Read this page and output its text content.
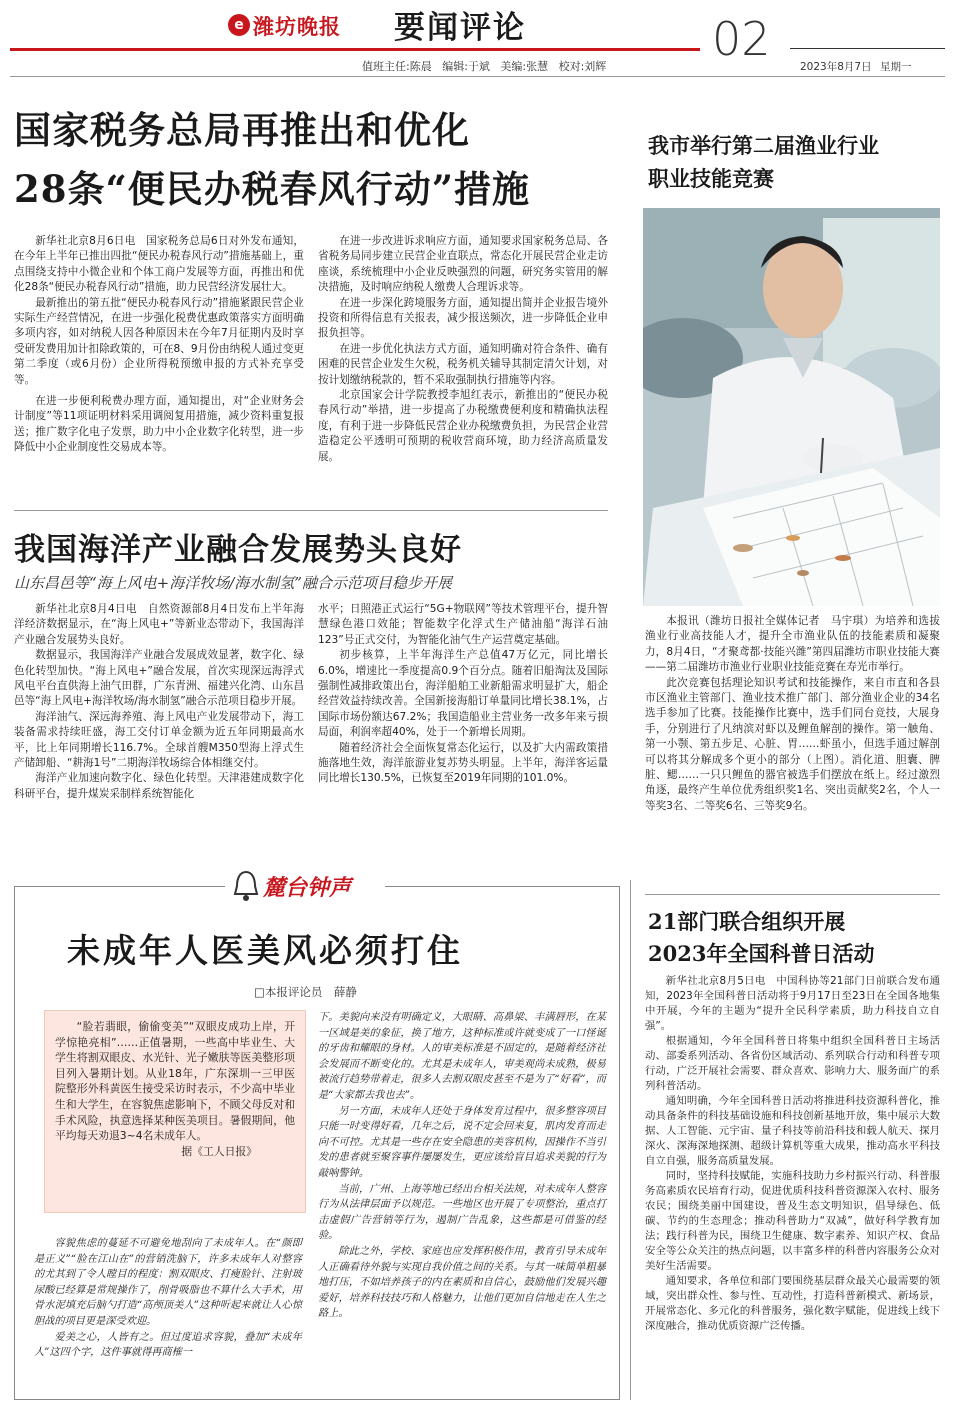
e 潍坊晚报 要闻评论	02
值班主任:陈晨   编辑:于斌   美编:张慧   校对:刘辉	2023年8月7日 星期一
国家税务总局再推出和优化
28条“便民办税春风行动”措施

新华社北京8月6日电　国家税务总局6日对外发布通知，在今年上半年已推出四批“便民办税春风行动”措施基础上，重点围绕支持中小微企业和个体工商户发展等方面，再推出和优化28条“便民办税春风行动”措施，助力民营经济发展壮大。

最新推出的第五批“便民办税春风行动”措施紧跟民营企业实际生产经营情况，在进一步强化税费优惠政策落实方面明确多项内容，如对纳税人因各种原因未在今年7月征期内及时享受研发费用加计扣除政策的，可在8、9月份由纳税人通过变更第二季度（或6月份）企业所得税预缴申报的方式补充享受等。

在进一步便利税费办理方面，通知提出，对“企业财务会计制度”等11项证明材料采用调阅复用措施，减少资料重复报送；推广数字化电子发票，助力中小企业数字化转型，进一步降低中小企业制度性交易成本等。

在进一步改进诉求响应方面，通知要求国家税务总局、各省税务局同步建立民营企业直联点，常态化开展民营企业走访座谈，系统梳理中小企业反映强烈的问题，研究务实管用的解决措施，及时响应纳税人缴费人合理诉求等。

在进一步深化跨境服务方面，通知提出简并企业报告境外投资和所得信息有关报表，减少报送频次，进一步降低企业申报负担等。

在进一步优化执法方式方面，通知明确对符合条件、确有困难的民营企业发生欠税，税务机关辅导其制定清欠计划，对按计划缴纳税款的，暂不采取强制执行措施等内容。

北京国家会计学院教授李旭红表示，新推出的“便民办税春风行动”举措，进一步提高了办税缴费便利度和精确执法程度，有利于进一步降低民营企业办税缴费负担，为民营企业营造稳定公平透明可预期的税收营商环境，助力经济高质量发展。

我国海洋产业融合发展势头良好
山东昌邑等“海上风电+海洋牧场/海水制氢”融合示范项目稳步开展

新华社北京8月4日电　自然资源部8月4日发布上半年海洋经济数据显示，在“海上风电+”等新业态带动下，我国海洋产业融合发展势头良好。

数据显示，我国海洋产业融合发展成效显著，数字化、绿色化转型加快。“海上风电+”融合发展，首次实现深远海浮式风电平台直供海上油气田群，广东青洲、福建兴化湾、山东昌邑等“海上风电+海洋牧场/海水制氢”融合示范项目稳步开展。

海洋油气、深远海养殖、海上风电产业发展带动下，海工装备需求持续旺盛，海工交付订单金额为近五年同期最高水平，比上年同期增长116.7%。全球首艘M350型海上浮式生产储卸船、“耕海1号”二期海洋牧场综合体相继交付。

海洋产业加速向数字化、绿色化转型。天津港建成数字化科研平台，提升煤炭采制样系统智能化

水平；日照港正式运行“5G+物联网”等技术管理平台，提升智慧绿色港口效能；智能数字化浮式生产储油船“海洋石油123”号正式交付，为智能化油气生产运营奠定基础。

初步核算，上半年海洋生产总值47万亿元，同比增长6.0%，增速比一季度提高0.9个百分点。随着旧船淘汰及国际强制性减排政策出台，海洋船舶工业新船需求明显扩大，船企经营效益持续改善。全国新接海船订单量同比增长38.1%，占国际市场份额达67.2%；我国造船业主营业务一改多年来亏损局面，利润率超40%，处于一个新增长周期。

随着经济社会全面恢复常态化运行，以及扩大内需政策措施落地生效，海洋旅游业复苏势头明显。上半年，海洋客运量同比增长130.5%，已恢复至2019年同期的101.0%。

我市举行第二届渔业行业
职业技能竞赛

本报讯（潍坊日报社全媒体记者　马宇琪）为培养和选拔渔业行业高技能人才，提升全市渔业队伍的技能素质和凝聚力，8月4日，“才聚鸢都·技能兴潍”第四届潍坊市职业技能大赛——第二届潍坊市渔业行业职业技能竞赛在寿光市举行。

此次竞赛包括理论知识考试和技能操作，来自市直和各县市区渔业主管部门、渔业技术推广部门、部分渔业企业的34名选手参加了比赛。技能操作比赛中，选手们同台竞技，大展身手，分别进行了凡纳滨对虾以及鲤鱼解剖的操作。第一触角、第一小颚、第五步足、心脏、胃……虾虽小，但选手通过解剖可以将其分解成多个更小的部分（上图）。消化道、胆囊、脾脏、鳃……一只只鲤鱼的器官被选手们摆放在纸上。经过激烈角逐，最终产生单位优秀组织奖1名、突出贡献奖2名，个人一等奖3名、二等奖6名、三等奖9名。

21部门联合组织开展
2023年全国科普日活动

新华社北京8月5日电　中国科协等21部门日前联合发布通知，2023年全国科普日活动将于9月17日至23日在全国各地集中开展，今年的主题为“提升全民科学素质，助力科技自立自强”。

根据通知，今年全国科普日将集中组织全国科普日主场活动、部委系列活动、各省份区域活动、系列联合行动和科普专项行动，广泛开展社会需要、群众喜欢、影响力大、服务面广的系列科普活动。

通知明确，今年全国科普日活动将推进科技资源科普化，推动具备条件的科技基础设施和科技创新基地开放，集中展示大数据、人工智能、元宇宙、量子科技等前沿科技和载人航天、探月深火、深海深地探测、超级计算机等重大成果，推动高水平科技自立自强，服务高质量发展。

同时，坚持科技赋能，实施科技助力乡村振兴行动、科普服务高素质农民培育行动，促进优质科技科普资源深入农村、服务农民；围绕美丽中国建设，普及生态文明知识，倡导绿色、低碳、节约的生态理念；推动科普助力“双减”，做好科学教育加法；践行科普为民，围绕卫生健康、数字素养、知识产权、食品安全等公众关注的热点问题，以丰富多样的科普内容服务公众对美好生活需要。

通知要求，各单位和部门要围绕基层群众最关心最需要的领域，突出群众性、参与性、互动性，打造科普新模式、新场景，开展常态化、多元化的科普服务，强化数字赋能，促进线上线下深度融合，推动优质资源广泛传播。

麓台钟声
未成年人医美风必须打住
□本报评论员　薛静

“脸若翡眼，偷偷变美”“双眼皮成功上岸，开学惊艳亮相”……正值暑期，一些高中毕业生、大学生将割双眼皮、水光针、光子嫩肤等医美整形项目列入暑期计划。从业18年，广东深圳一三甲医院整形外科黄医生接受采访时表示，不少高中毕业生和大学生，在容貌焦虑影响下，不顾父母反对和手术风险，执意选择某种医美项目。暑假期间，他平均每天劝退3~4名未成年人。

据《工人日报》

容貌焦虑的蔓延不可避免地刮向了未成年人。在“颜即是正义”“脸在江山在”的营销洗脑下，许多未成年人对整容的尤其到了令人瞠目的程度：割双眼皮、打瘦脸针、注射玻尿酸已经算是常规操作了，削骨吸脂也不算什么大手术，用骨水泥填充后脑勺打造“高颅顶美人”这种听起来就让人心惊胆战的项目更是深受欢迎。

爱美之心，人皆有之。但过度追求容貌，叠加“未成年人”这四个字，这件事就得再商榷一

下。美貌向来没有明确定义，大眼睛、高鼻梁、丰满唇形，在某一区域是美的象征，换了地方，这种标准或许就变成了一口怪诞的牙齿和耀眼的身材。人的审美标准是不固定的，是随着经济社会发展而不断变化的。尤其是未成年人，审美观尚未成熟，极易被流行趋势带着走，很多人去割双眼皮甚至不是为了“好看”，而是“大家都去我也去”。

另一方面，未成年人还处于身体发育过程中，很多整容项目只能一时变得好看，几年之后，说不定会回来复，肌肉发育而走向不可控。尤其是一些存在安全隐患的美容机构，因操作不当引发的患者就至聚容事件屡屡发生，更应该给盲目追求美貌的行为敲响警钟。

当前，广州、上海等地已经出台相关法规，对未成年人整容行为从法律层面予以规范。一些地区也开展了专项整治，重点打击虚假广告营销等行为，遏制广告乱象，这些都是可借鉴的经验。

除此之外，学校、家庭也应发挥积极作用，教育引导未成年人正确看待外貌与实现自我价值之间的关系。与其一味简单粗暴地打压，不如培养孩子的内在素质和自信心，鼓励他们发展兴趣爱好，培养科技技巧和人格魅力，让他们更加自信地走在人生之路上。
